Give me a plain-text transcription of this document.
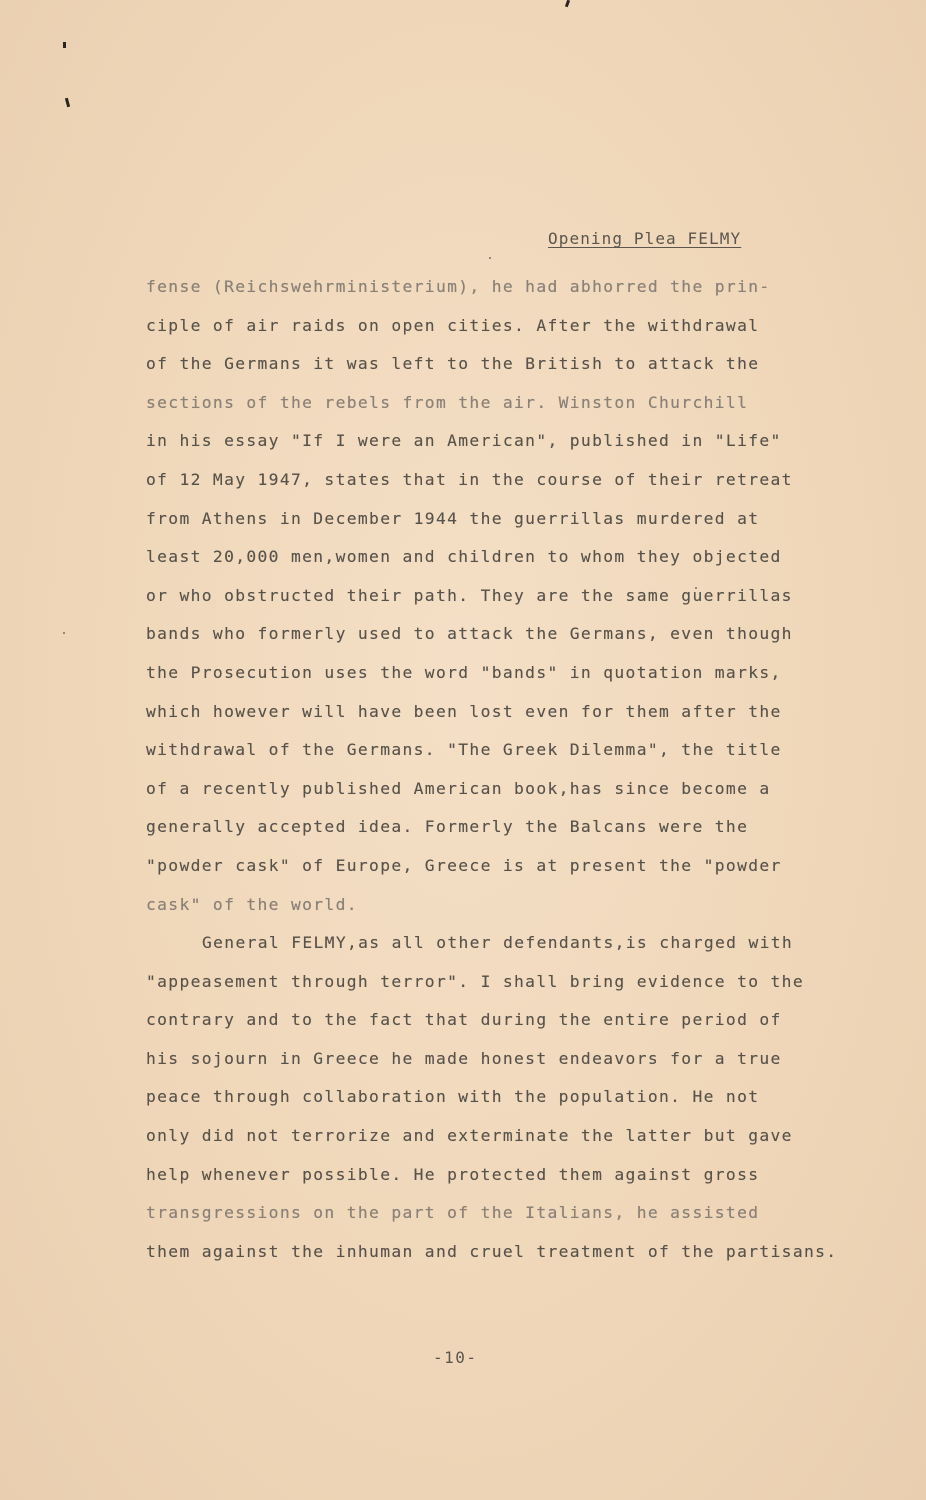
Opening Plea FELMY
fense (Reichswehrministerium), he had abhorred the prin-
ciple of air raids on open cities. After the withdrawal
of the Germans it was left to the British to attack the
sections of the rebels from the air. Winston Churchill
in his essay "If I were an American", published in "Life"
of 12 May 1947, states that in the course of their retreat
from Athens in December 1944 the guerrillas murdered at
least 20,000 men,women and children to whom they objected
or who obstructed their path. They are the same guerrillas
bands who formerly used to attack the Germans, even though
the Prosecution uses the word "bands" in quotation marks,
which however will have been lost even for them after the
withdrawal of the Germans. "The Greek Dilemma", the title
of a recently published American book,has since become a
generally accepted idea. Formerly the Balcans were the
"powder cask" of Europe, Greece is at present the "powder
cask" of the world.
General FELMY,as all other defendants,is charged with
"appeasement through terror". I shall bring evidence to the
contrary and to the fact that during the entire period of
his sojourn in Greece he made honest endeavors for a true
peace through collaboration with the population. He not
only did not terrorize and exterminate the latter but gave
help whenever possible. He protected them against gross
transgressions on the part of the Italians, he assisted
them against the inhuman and cruel treatment of the partisans.
-10-
